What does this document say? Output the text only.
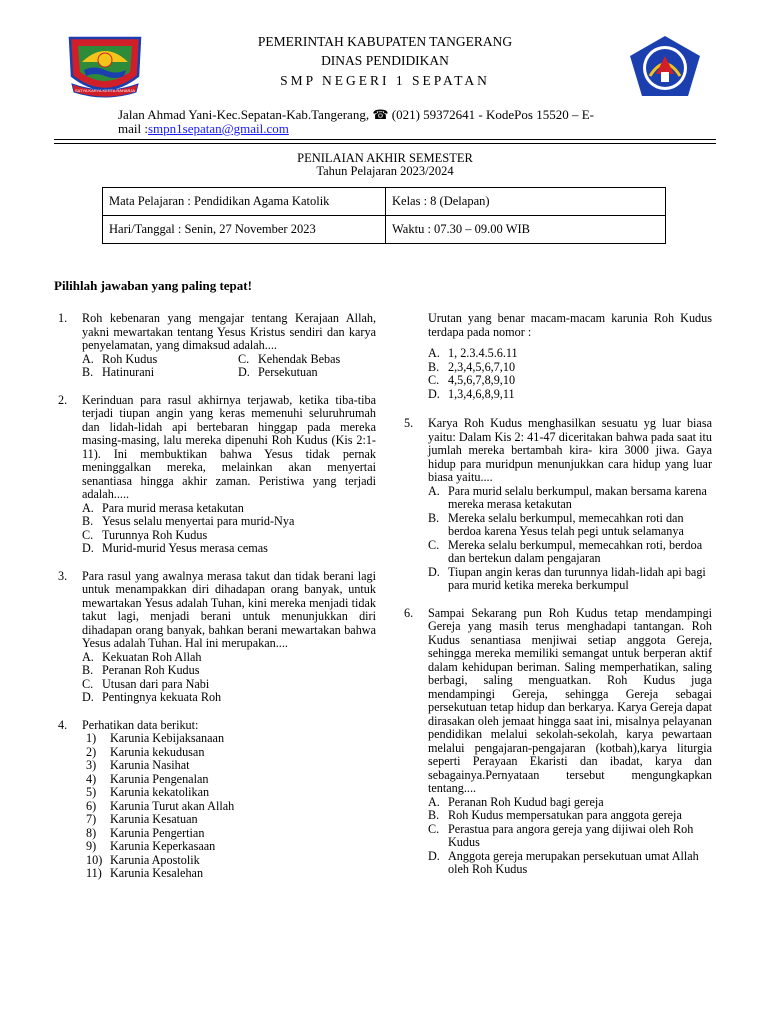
SATYA KARYA KERTA RAHARJA
PEMERINTAH KABUPATEN TANGERANG
DINAS PENDIDIKAN
SMP NEGERI 1 SEPATAN
Jalan Ahmad Yani-Kec.Sepatan-Kab.Tangerang, ☎ (021) 59372641 - KodePos 15520 – E-
mail :smpn1sepatan@gmail.com
PENILAIAN AKHIR SEMESTER
Tahun Pelajaran 2023/2024
Mata Pelajaran : Pendidikan Agama Katolik	Kelas : 8 (Delapan)
Hari/Tanggal : Senin, 27 November 2023	Waktu : 07.30 – 09.00 WIB
Pilihlah jawaban yang paling tepat!
1. Roh kebenaran yang mengajar tentang Kerajaan Allah, yakni mewartakan tentang Yesus Kristus sendiri dan karya penyelamatan, yang dimaksud adalah....
A. Roh Kudus	C. Kehendak Bebas
B. Hatinurani	D. Persekutuan
2. Kerinduan para rasul akhirnya terjawab, ketika tiba-tiba terjadi tiupan angin yang keras memenuhi seluruhrumah dan lidah-lidah api bertebaran hinggap pada mereka masing-masing, lalu mereka dipenuhi Roh Kudus (Kis 2:1-11). Ini membuktikan bahwa Yesus tidak pernak meninggalkan mereka, melainkan akan menyertai senantiasa hingga akhir zaman. Peristiwa yang terjadi adalah.....
A. Para murid merasa ketakutan
B. Yesus selalu menyertai para murid-Nya
C. Turunnya Roh Kudus
D. Murid-murid Yesus merasa cemas
3. Para rasul yang awalnya merasa takut dan tidak berani lagi untuk menampakkan diri dihadapan orang banyak, untuk mewartakan Yesus adalah Tuhan, kini mereka menjadi tidak takut lagi, menjadi berani untuk menunjukkan diri dihadapan orang banyak, bahkan berani mewartakan bahwa Yesus adalah Tuhan. Hal ini merupakan....
A. Kekuatan Roh Allah
B. Peranan Roh Kudus
C. Utusan dari para Nabi
D. Pentingnya kekuata Roh
4. Perhatikan data berikut:
1) Karunia Kebijaksanaan
2) Karunia kekudusan
3) Karunia Nasihat
4) Karunia Pengenalan
5) Karunia kekatolikan
6) Karunia Turut akan Allah
7) Karunia Kesatuan
8) Karunia Pengertian
9) Karunia Keperkasaan
10) Karunia Apostolik
11) Karunia Kesalehan
Urutan yang benar macam-macam karunia Roh Kudus terdapa pada nomor :
A. 1, 2.3.4.5.6.11
B. 2,3,4,5,6,7,10
C. 4,5,6,7,8,9,10
D. 1,3,4,6,8,9,11
5. Karya Roh Kudus menghasilkan sesuatu yg luar biasa yaitu: Dalam Kis 2: 41-47 diceritakan bahwa pada saat itu jumlah mereka bertambah kira- kira 3000 jiwa. Gaya hidup para muridpun menunjukkan cara hidup yang luar biasa yaitu....
A. Para murid selalu berkumpul, makan bersama karena mereka merasa ketakutan
B. Mereka selalu berkumpul, memecahkan roti dan berdoa karena Yesus telah pegi untuk selamanya
C. Mereka selalu berkumpul, memecahkan roti, berdoa dan bertekun dalam pengajaran
D. Tiupan angin keras dan turunnya lidah-lidah api bagi para murid ketika mereka berkumpul
6. Sampai Sekarang pun Roh Kudus tetap mendampingi Gereja yang masih terus menghadapi tantangan. Roh Kudus senantiasa menjiwai setiap anggota Gereja, sehingga mereka memiliki semangat untuk berperan aktif dalam kehidupan beriman. Saling memperhatikan, saling berbagi, saling menguatkan. Roh Kudus juga mendampingi Gereja, sehingga Gereja sebagai persekutuan tetap hidup dan berkarya. Karya Gereja dapat dirasakan oleh jemaat hingga saat ini, misalnya pelayanan pendidikan melalui sekolah-sekolah, karya pewartaan melalui pengajaran-pengajaran (kotbah),karya liturgia seperti Perayaan Ekaristi dan ibadat, karya dan sebagainya.Pernyataan tersebut mengungkapkan tentang....
A. Peranan Roh Kudud bagi gereja
B. Roh Kudus mempersatukan para anggota gereja
C. Perastua para angora gereja yang dijiwai oleh Roh Kudus
D. Anggota gereja merupakan persekutuan umat Allah oleh Roh Kudus
